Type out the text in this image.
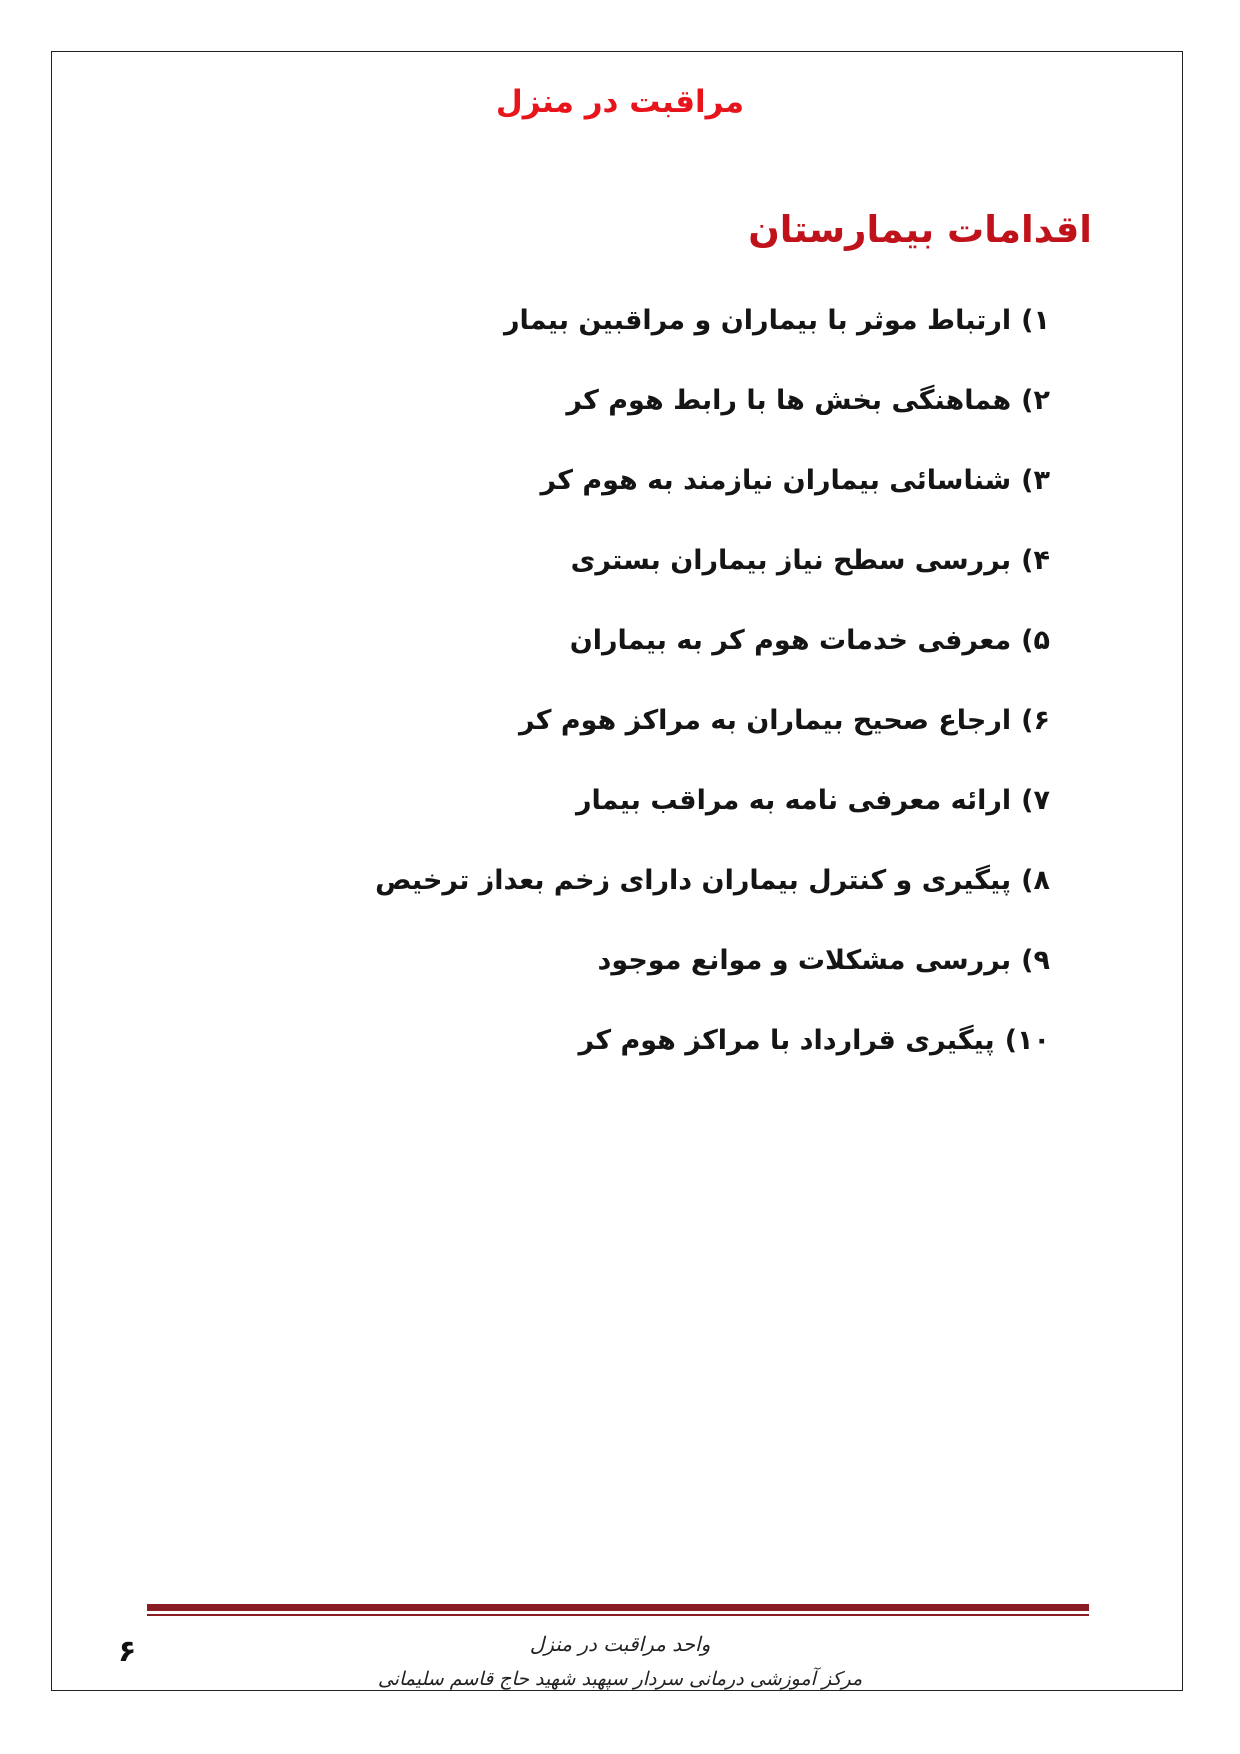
مراقبت در منزل
اقدامات بیمارستان
۱)ارتباط موثر با بیماران و مراقبین بیمار
۲)هماهنگی بخش ها با رابط هوم کر
۳)شناسائی بیماران نیازمند به هوم کر
۴)بررسی سطح نیاز بیماران بستری
۵)معرفی خدمات هوم کر به بیماران
۶)ارجاع صحیح بیماران به مراکز هوم کر
۷)ارائه معرفی نامه به مراقب بیمار
۸)پیگیری و کنترل بیماران دارای زخم بعداز ترخیص
۹)بررسی مشکلات و موانع موجود
۱۰)پیگیری قرارداد با مراکز هوم کر
۶	واحد مراقبت در منزل
مرکز آموزشی درمانی سردار سپهبد شهید حاج قاسم سلیمانی
